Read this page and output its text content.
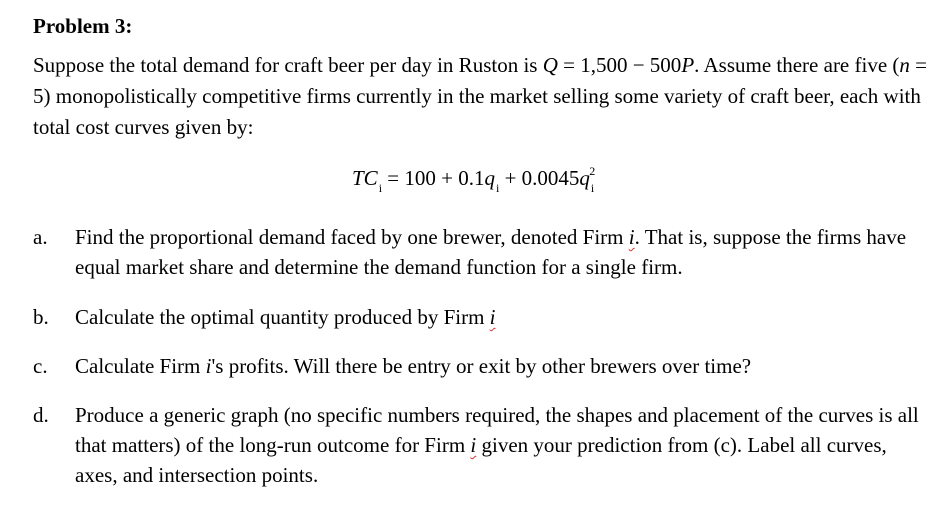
Problem 3:
Suppose the total demand for craft beer per day in Ruston is Q = 1,500 − 500P. Assume there are five (n = 5) monopolistically competitive firms currently in the market selling some variety of craft beer, each with total cost curves given by:
$TC_i = 100 + 0.1q_i + 0.0045q_i^2$
a. Find the proportional demand faced by one brewer, denoted Firm i. That is, suppose the firms have equal market share and determine the demand function for a single firm.
b. Calculate the optimal quantity produced by Firm i
c. Calculate Firm i's profits. Will there be entry or exit by other brewers over time?
d. Produce a generic graph (no specific numbers required, the shapes and placement of the curves is all that matters) of the long-run outcome for Firm i given your prediction from (c). Label all curves, axes, and intersection points.
